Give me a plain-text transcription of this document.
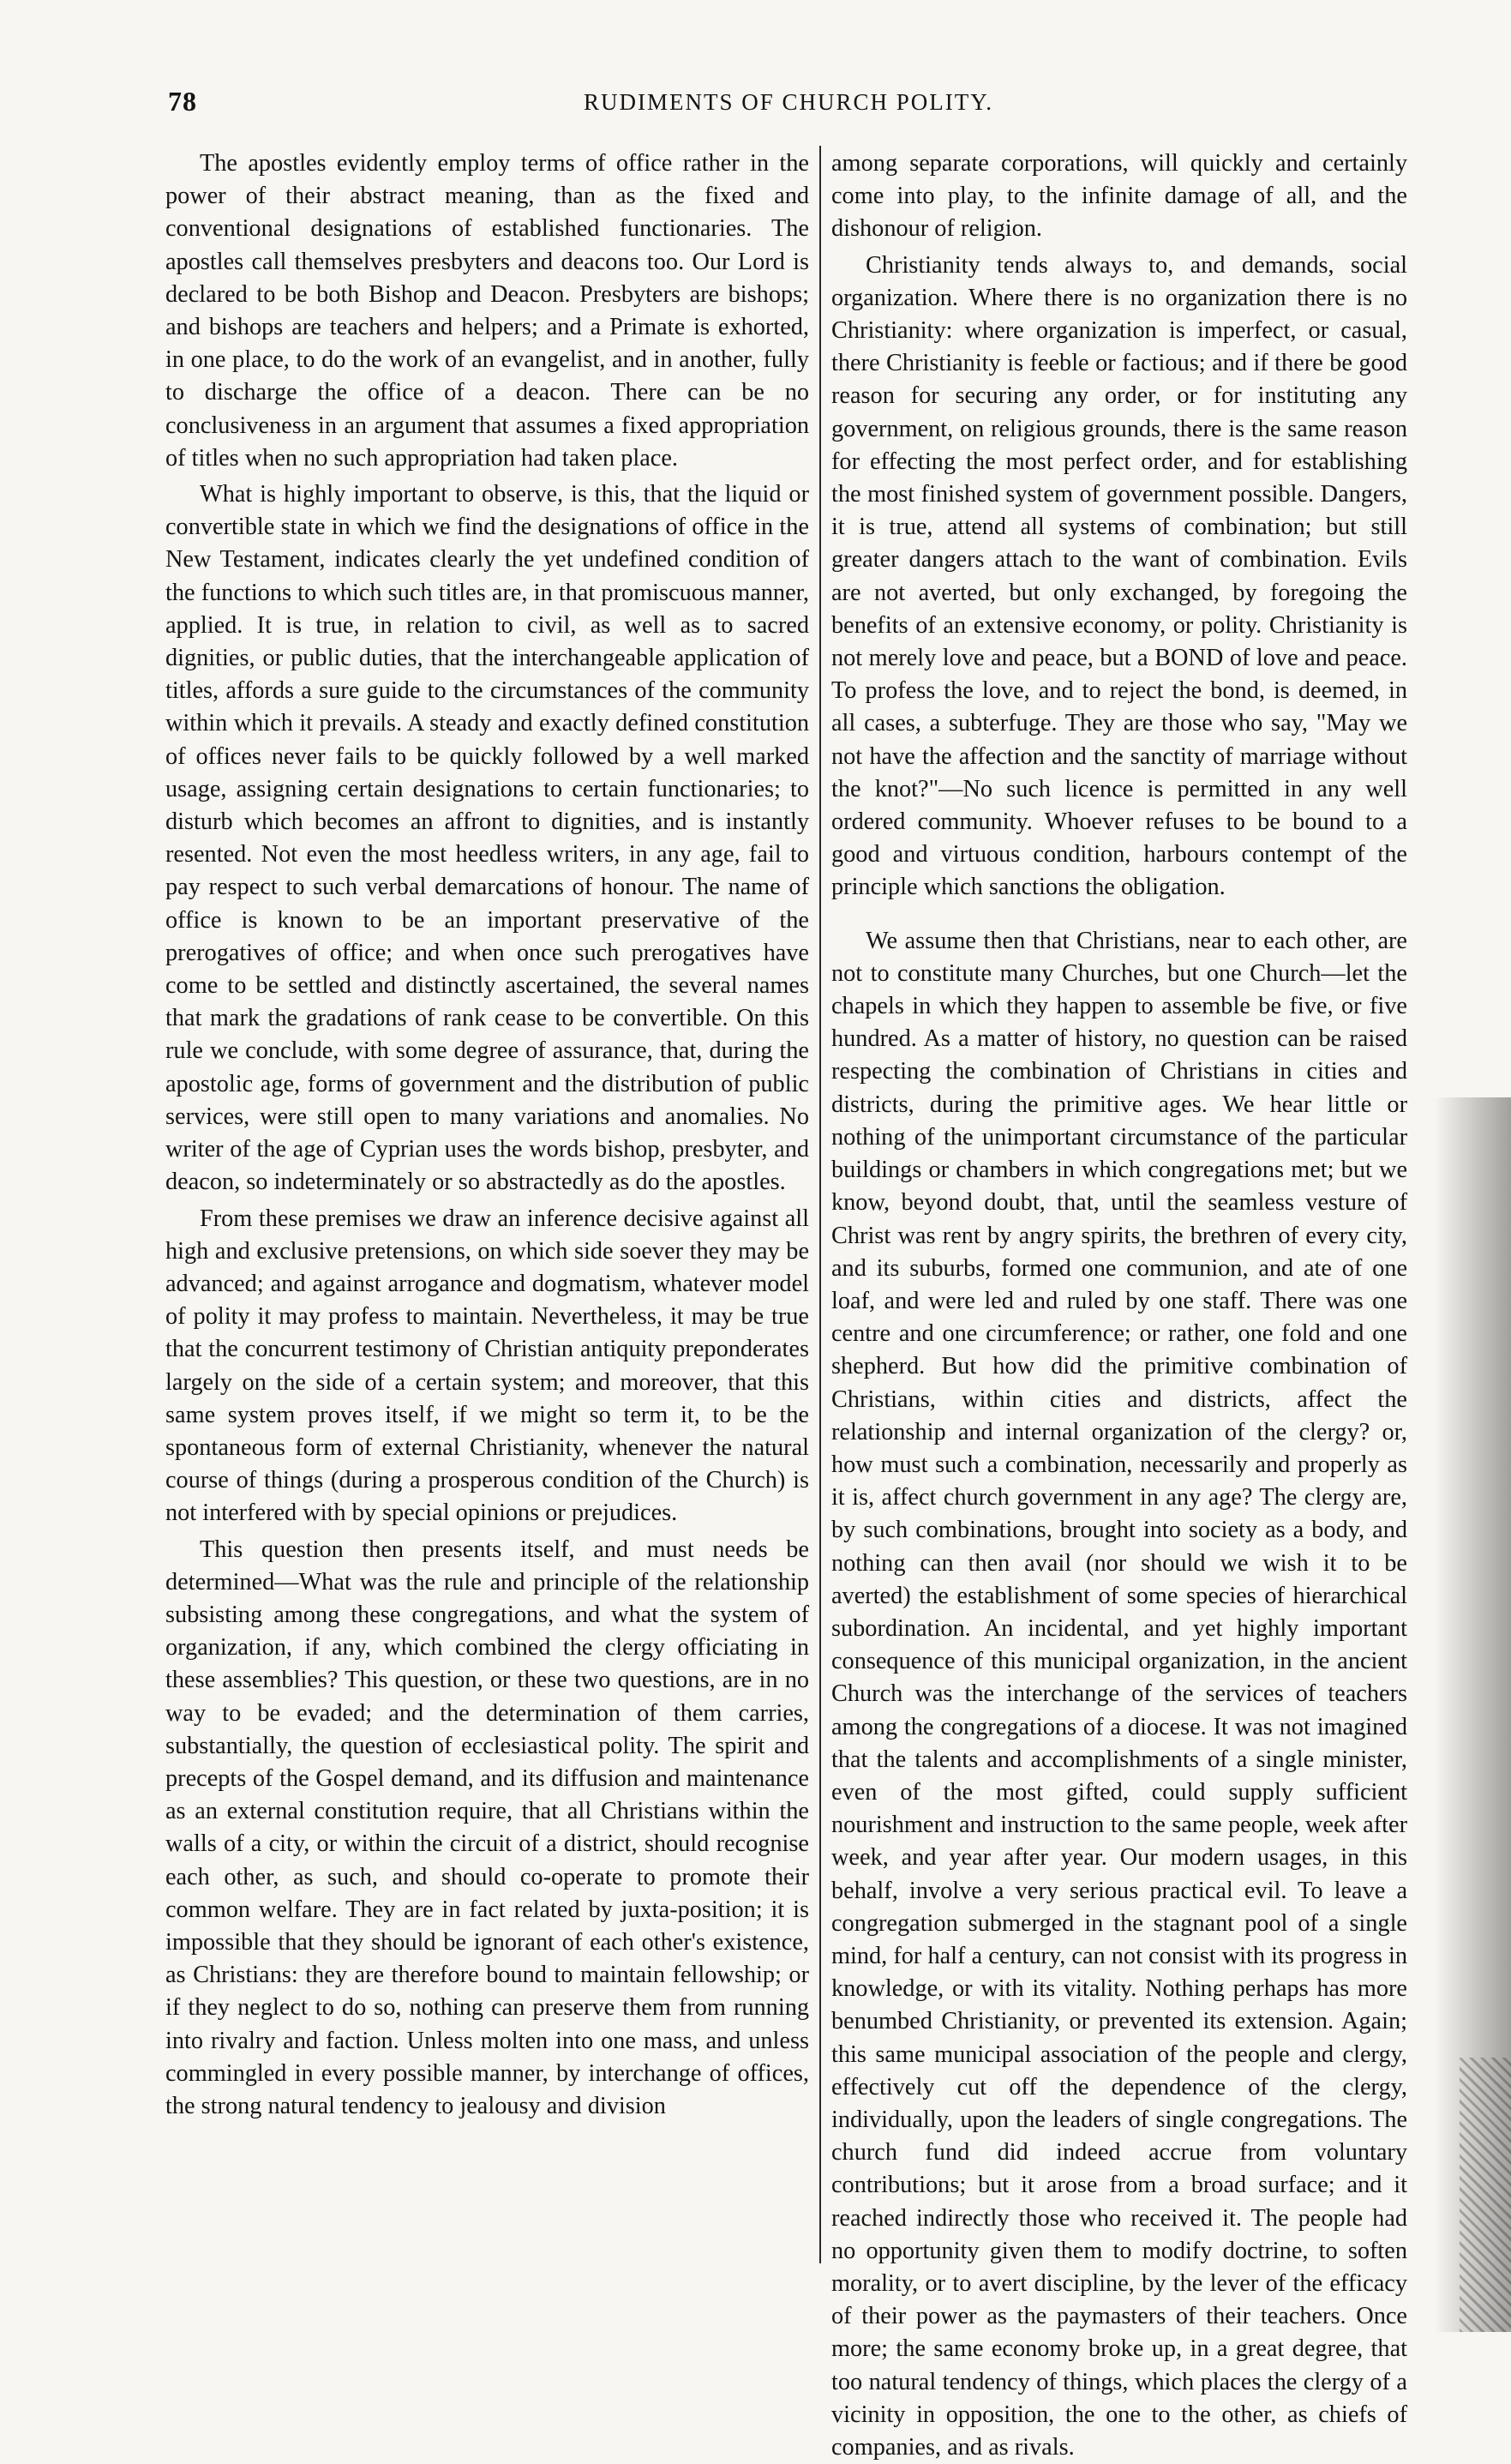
78	RUDIMENTS OF CHURCH POLITY.

The apostles evidently employ terms of office rather in the power of their abstract meaning, than as the fixed and conventional designations of established functionaries. The apostles call themselves presbyters and deacons too. Our Lord is declared to be both Bishop and Deacon. Presbyters are bishops; and bishops are teachers and helpers; and a Primate is exhorted, in one place, to do the work of an evangelist, and in another, fully to discharge the office of a deacon. There can be no conclusiveness in an argument that assumes a fixed appropriation of titles when no such appropriation had taken place.

What is highly important to observe, is this, that the liquid or convertible state in which we find the designations of office in the New Testament, indicates clearly the yet undefined condition of the functions to which such titles are, in that promiscuous manner, applied. It is true, in relation to civil, as well as to sacred dignities, or public duties, that the interchangeable application of titles, affords a sure guide to the circumstances of the community within which it prevails. A steady and exactly defined constitution of offices never fails to be quickly followed by a well marked usage, assigning certain designations to certain functionaries; to disturb which becomes an affront to dignities, and is instantly resented. Not even the most heedless writers, in any age, fail to pay respect to such verbal demarcations of honour. The name of office is known to be an important preservative of the prerogatives of office; and when once such prerogatives have come to be settled and distinctly ascertained, the several names that mark the gradations of rank cease to be convertible. On this rule we conclude, with some degree of assurance, that, during the apostolic age, forms of government and the distribution of public services, were still open to many variations and anomalies. No writer of the age of Cyprian uses the words bishop, presbyter, and deacon, so indeterminately or so abstractedly as do the apostles.

From these premises we draw an inference decisive against all high and exclusive pretensions, on which side soever they may be advanced; and against arrogance and dogmatism, whatever model of polity it may profess to maintain. Nevertheless, it may be true that the concurrent testimony of Christian antiquity preponderates largely on the side of a certain system; and moreover, that this same system proves itself, if we might so term it, to be the spontaneous form of external Christianity, whenever the natural course of things (during a prosperous condition of the Church) is not interfered with by special opinions or prejudices.

This question then presents itself, and must needs be determined—What was the rule and principle of the relationship subsisting among these congregations, and what the system of organization, if any, which combined the clergy officiating in these assemblies? This question, or these two questions, are in no way to be evaded; and the determination of them carries, substantially, the question of ecclesiastical polity. The spirit and precepts of the Gospel demand, and its diffusion and maintenance as an external constitution require, that all Christians within the walls of a city, or within the circuit of a district, should recognise each other, as such, and should co-operate to promote their common welfare. They are in fact related by juxta-position; it is impossible that they should be ignorant of each other's existence, as Christians: they are therefore bound to maintain fellowship; or if they neglect to do so, nothing can preserve them from running into rivalry and faction. Unless molten into one mass, and unless commingled in every possible manner, by interchange of offices, the strong natural tendency to jealousy and division

among separate corporations, will quickly and certainly come into play, to the infinite damage of all, and the dishonour of religion.

Christianity tends always to, and demands, social organization. Where there is no organization there is no Christianity: where organization is imperfect, or casual, there Christianity is feeble or factious; and if there be good reason for securing any order, or for instituting any government, on religious grounds, there is the same reason for effecting the most perfect order, and for establishing the most finished system of government possible. Dangers, it is true, attend all systems of combination; but still greater dangers attach to the want of combination. Evils are not averted, but only exchanged, by foregoing the benefits of an extensive economy, or polity. Christianity is not merely love and peace, but a BOND of love and peace. To profess the love, and to reject the bond, is deemed, in all cases, a subterfuge. They are those who say, "May we not have the affection and the sanctity of marriage without the knot?"—No such licence is permitted in any well ordered community. Whoever refuses to be bound to a good and virtuous condition, harbours contempt of the principle which sanctions the obligation.

We assume then that Christians, near to each other, are not to constitute many Churches, but one Church—let the chapels in which they happen to assemble be five, or five hundred. As a matter of history, no question can be raised respecting the combination of Christians in cities and districts, during the primitive ages. We hear little or nothing of the unimportant circumstance of the particular buildings or chambers in which congregations met; but we know, beyond doubt, that, until the seamless vesture of Christ was rent by angry spirits, the brethren of every city, and its suburbs, formed one communion, and ate of one loaf, and were led and ruled by one staff. There was one centre and one circumference; or rather, one fold and one shepherd. But how did the primitive combination of Christians, within cities and districts, affect the relationship and internal organization of the clergy? or, how must such a combination, necessarily and properly as it is, affect church government in any age? The clergy are, by such combinations, brought into society as a body, and nothing can then avail (nor should we wish it to be averted) the establishment of some species of hierarchical subordination. An incidental, and yet highly important consequence of this municipal organization, in the ancient Church was the interchange of the services of teachers among the congregations of a diocese. It was not imagined that the talents and accomplishments of a single minister, even of the most gifted, could supply sufficient nourishment and instruction to the same people, week after week, and year after year. Our modern usages, in this behalf, involve a very serious practical evil. To leave a congregation submerged in the stagnant pool of a single mind, for half a century, can not consist with its progress in knowledge, or with its vitality. Nothing perhaps has more benumbed Christianity, or prevented its extension. Again; this same municipal association of the people and clergy, effectively cut off the dependence of the clergy, individually, upon the leaders of single congregations. The church fund did indeed accrue from voluntary contributions; but it arose from a broad surface; and it reached indirectly those who received it. The people had no opportunity given them to modify doctrine, to soften morality, or to avert discipline, by the lever of the efficacy of their power as the paymasters of their teachers. Once more; the same economy broke up, in a great degree, that too natural tendency of things, which places the clergy of a vicinity in opposition, the one to the other, as chiefs of companies, and as rivals.
